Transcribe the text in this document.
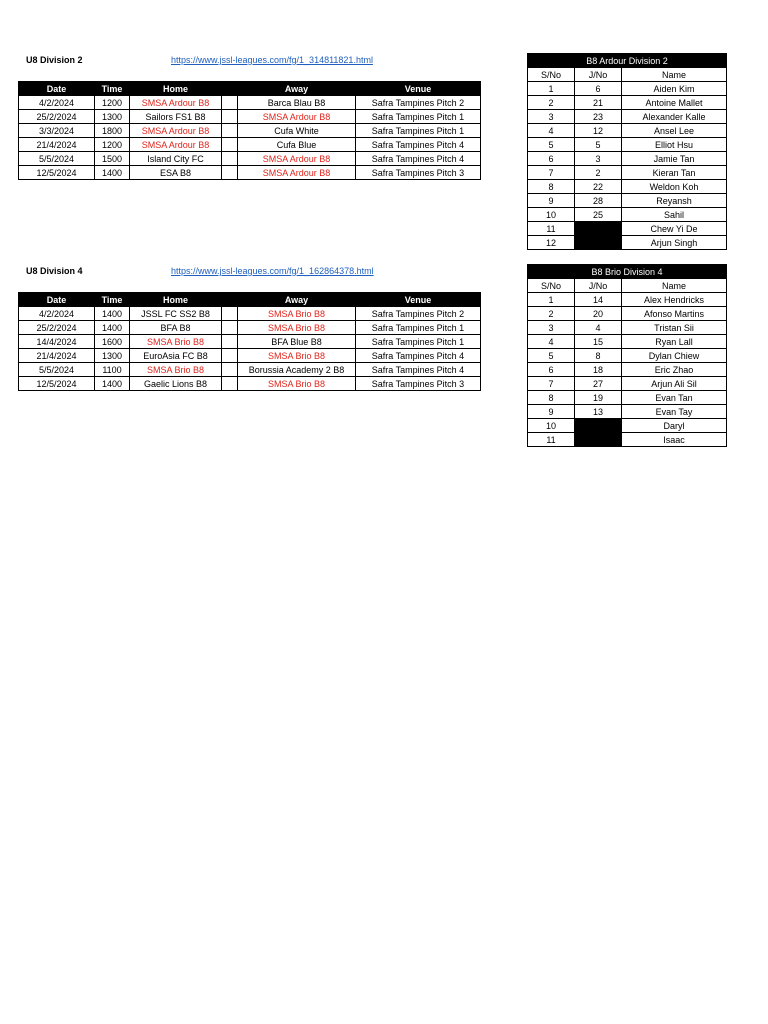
U8 Division 2	https://www.jssl-leagues.com/fg/1_314811821.html
Date	Time	Home		Away	Venue
4/2/2024	1200	SMSA Ardour B8		Barca Blau B8	Safra Tampines Pitch 2
25/2/2024	1300	Sailors FS1 B8		SMSA Ardour B8	Safra Tampines Pitch 1
3/3/2024	1800	SMSA Ardour B8		Cufa White	Safra Tampines Pitch 1
21/4/2024	1200	SMSA Ardour B8		Cufa Blue	Safra Tampines Pitch 4
5/5/2024	1500	Island City FC		SMSA Ardour B8	Safra Tampines Pitch 4
12/5/2024	1400	ESA B8		SMSA Ardour B8	Safra Tampines Pitch 3
U8 Division 4	https://www.jssl-leagues.com/fg/1_162864378.html
Date	Time	Home		Away	Venue
4/2/2024	1400	JSSL FC SS2 B8		SMSA Brio B8	Safra Tampines Pitch 2
25/2/2024	1400	BFA B8		SMSA Brio B8	Safra Tampines Pitch 1
14/4/2024	1600	SMSA Brio B8		BFA Blue B8	Safra Tampines Pitch 1
21/4/2024	1300	EuroAsia FC B8		SMSA Brio B8	Safra Tampines Pitch 4
5/5/2024	1100	SMSA Brio B8		Borussia Academy 2 B8	Safra Tampines Pitch 4
12/5/2024	1400	Gaelic Lions B8		SMSA Brio B8	Safra Tampines Pitch 3
B8 Ardour Division 2		
S/No	J/No	Name
1	6	Aiden Kim
2	21	Antoine Mallet
3	23	Alexander Kalle
4	12	Ansel Lee
5	5	Elliot Hsu
6	3	Jamie Tan
7	2	Kieran Tan
8	22	Weldon Koh
9	28	Reyansh
10	25	Sahil
11		Chew Yi De
12		Arjun Singh
B8 Brio Division 4		
S/No	J/No	Name
1	14	Alex Hendricks
2	20	Afonso Martins
3	4	Tristan Sii
4	15	Ryan Lall
5	8	Dylan Chiew
6	18	Eric Zhao
7	27	Arjun Ali Sil
8	19	Evan Tan
9	13	Evan Tay
10		Daryl
11		Isaac
